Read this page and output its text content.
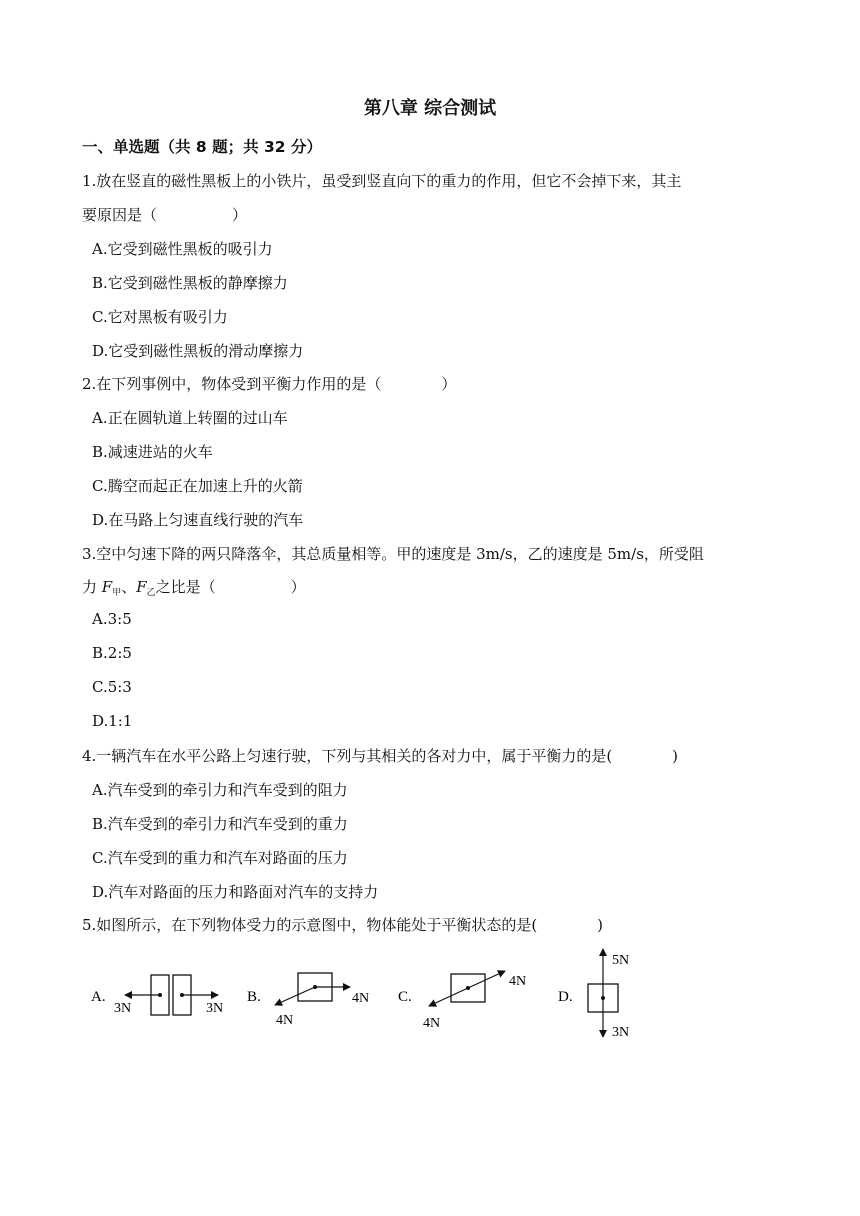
第八章 综合测试
一、单选题（共 8 题；共 32 分）
1.放在竖直的磁性黑板上的小铁片，虽受到竖直向下的重力的作用，但它不会掉下来，其主
要原因是（　　　　　）
A.它受到磁性黑板的吸引力
B.它受到磁性黑板的静摩擦力
C.它对黑板有吸引力
D.它受到磁性黑板的滑动摩擦力
2.在下列事例中，物体受到平衡力作用的是（　　　　）
A.正在圆轨道上转圈的过山车
B.减速进站的火车
C.腾空而起正在加速上升的火箭
D.在马路上匀速直线行驶的汽车
3.空中匀速下降的两只降落伞，其总质量相等。甲的速度是 3m/s，乙的速度是 5m/s，所受阻
力 $F_甲$、$F_乙$之比是（　　　　　）
A.3:5
B.2:5
C.5:3
D.1:1
4.一辆汽车在水平公路上匀速行驶，下列与其相关的各对力中，属于平衡力的是(　　　　)
A.汽车受到的牵引力和汽车受到的阻力
B.汽车受到的牵引力和汽车受到的重力
C.汽车受到的重力和汽车对路面的压力
D.汽车对路面的压力和路面对汽车的支持力
5.如图所示，在下列物体受力的示意图中，物体能处于平衡状态的是(　　　　)
A.
3N	3N
B.
4N
4N C.
4N
4N
D.
5N
3N
